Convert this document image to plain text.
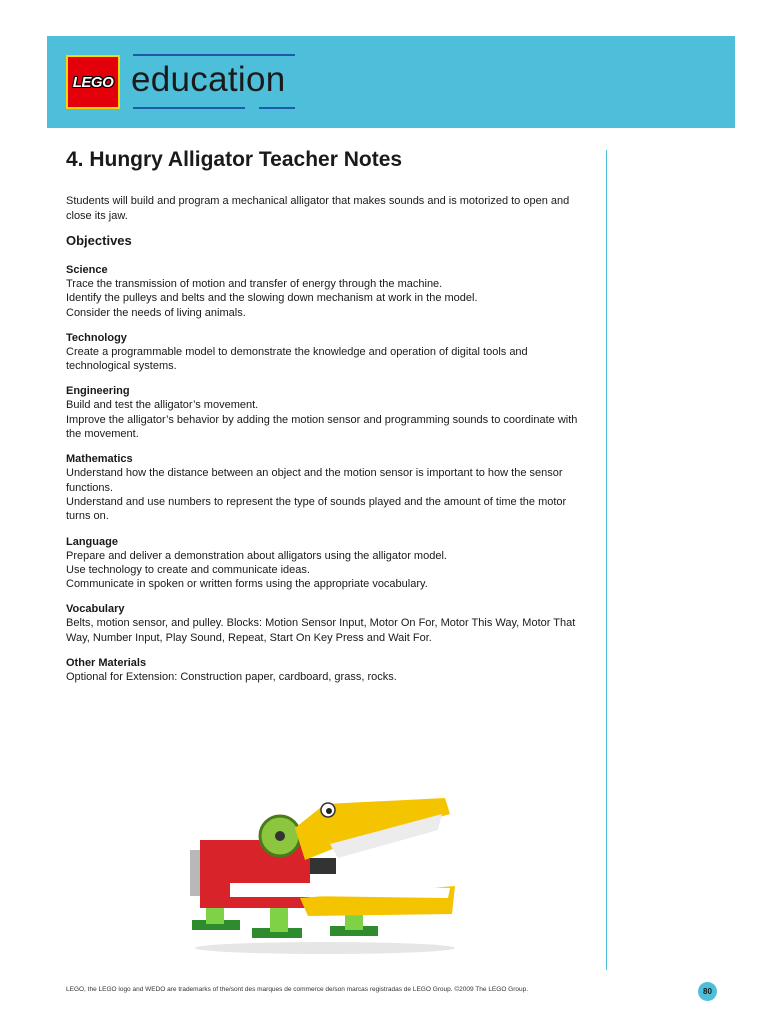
LEGO education
4. Hungry Alligator Teacher Notes

Students will build and program a mechanical alligator that makes sounds and is motorized to open and close its jaw.

Objectives
Science

Trace the transmission of motion and transfer of energy through the machine.

Identify the pulleys and belts and the slowing down mechanism at work in the model.

Consider the needs of living animals.

Technology

Create a programmable model to demonstrate the knowledge and operation of digital tools and technological systems.

Engineering

Build and test the alligator’s movement.

Improve the alligator’s behavior by adding the motion sensor and programming sounds to coordinate with the movement.

Mathematics

Understand how the distance between an object and the motion sensor is important to how the sensor functions.

Understand and use numbers to represent the type of sounds played and the amount of time the motor turns on.

Language

Prepare and deliver a demonstration about alligators using the alligator model.

Use technology to create and communicate ideas.

Communicate in spoken or written forms using the appropriate vocabulary.

Vocabulary

Belts, motion sensor, and pulley. Blocks: Motion Sensor Input, Motor On For, Motor This Way, Motor That Way, Number Input, Play Sound, Repeat, Start On Key Press and Wait For.

Other Materials

Optional for Extension: Construction paper, cardboard, grass, rocks.

LEGO, the LEGO logo and WEDO are trademarks of the/sont des marques de commerce de/son marcas registradas de LEGO Group. ©2009 The LEGO Group.	80
